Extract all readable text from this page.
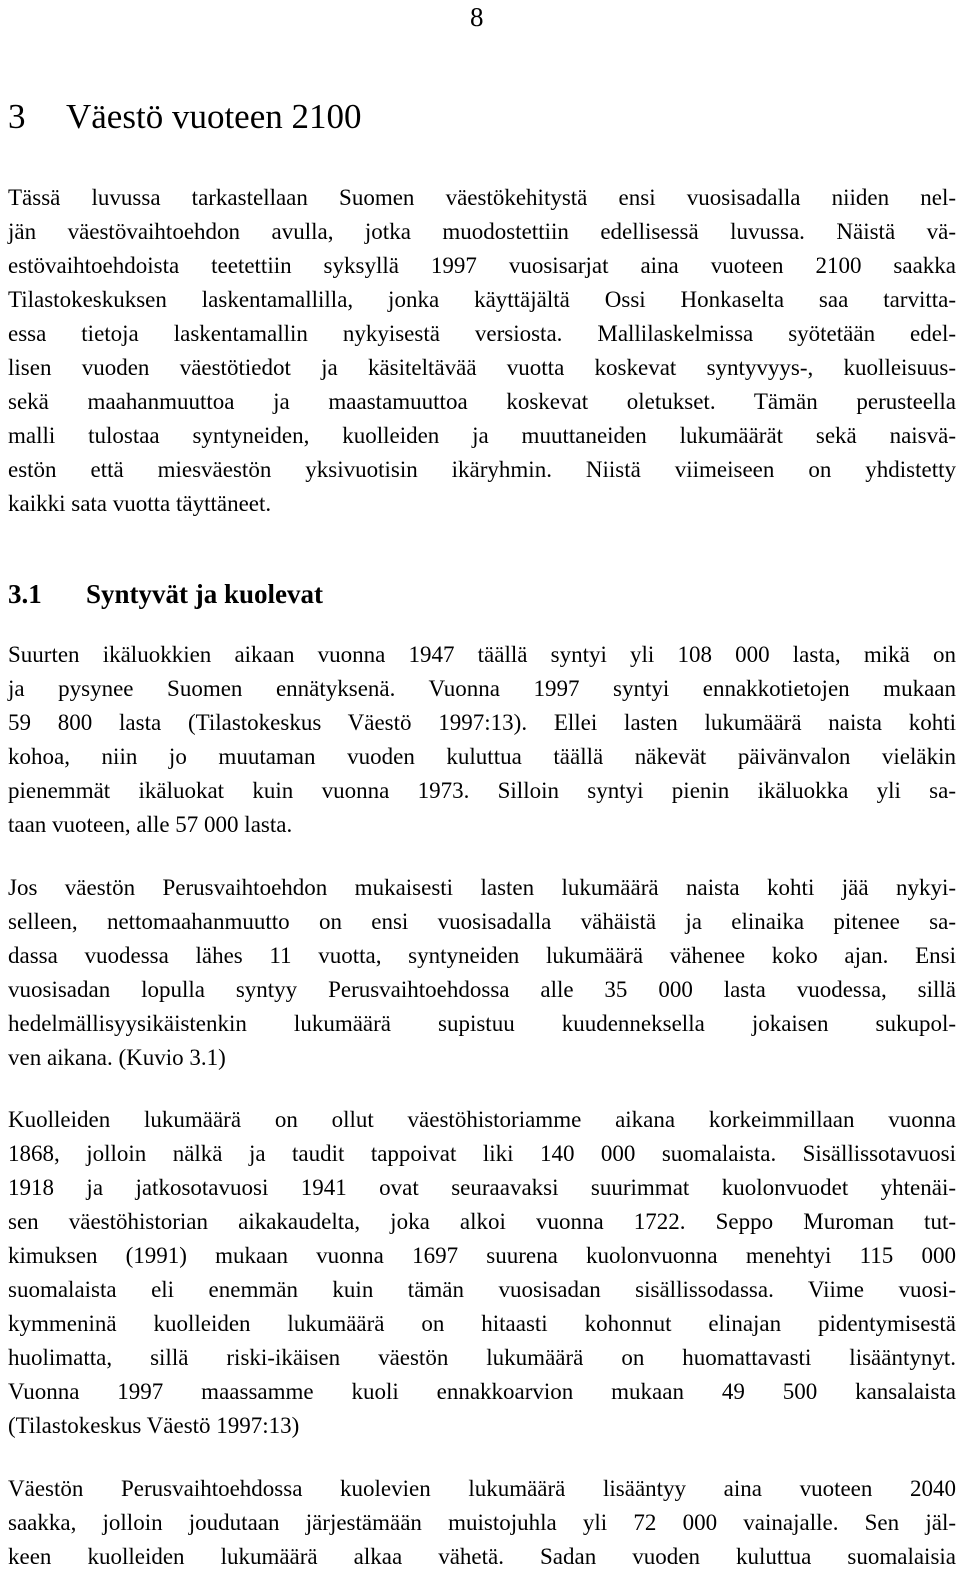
8
3 Väestö vuoteen 2100
Tässä luvussa tarkastellaan Suomen väestökehitystä ensi vuosisadalla niiden nel-
jän väestövaihtoehdon avulla, jotka muodostettiin edellisessä luvussa. Näistä vä-
estövaihtoehdoista teetettiin syksyllä 1997 vuosisarjat aina vuoteen 2100 saakka
Tilastokeskuksen laskentamallilla, jonka käyttäjältä Ossi Honkaselta saa tarvitta-
essa tietoja laskentamallin nykyisestä versiosta. Mallilaskelmissa syötetään edel-
lisen vuoden väestötiedot ja käsiteltävää vuotta koskevat syntyvyys-, kuolleisuus-
sekä maahanmuuttoa ja maastamuuttoa koskevat oletukset. Tämän perusteella
malli tulostaa syntyneiden, kuolleiden ja muuttaneiden lukumäärät sekä naisvä-
estön että miesväestön yksivuotisin ikäryhmin. Niistä viimeiseen on yhdistetty
kaikki sata vuotta täyttäneet.
3.1 Syntyvät ja kuolevat
Suurten ikäluokkien aikaan vuonna 1947 täällä syntyi yli 108 000 lasta, mikä on
ja pysynee Suomen ennätyksenä. Vuonna 1997 syntyi ennakkotietojen mukaan
59 800 lasta (Tilastokeskus Väestö 1997:13). Ellei lasten lukumäärä naista kohti
kohoa, niin jo muutaman vuoden kuluttua täällä näkevät päivänvalon vieläkin
pienemmät ikäluokat kuin vuonna 1973. Silloin syntyi pienin ikäluokka yli sa-
taan vuoteen, alle 57 000 lasta.
Jos väestön Perusvaihtoehdon mukaisesti lasten lukumäärä naista kohti jää nykyi-
selleen, nettomaahanmuutto on ensi vuosisadalla vähäistä ja elinaika pitenee sa-
dassa vuodessa lähes 11 vuotta, syntyneiden lukumäärä vähenee koko ajan. Ensi
vuosisadan lopulla syntyy Perusvaihtoehdossa alle 35 000 lasta vuodessa, sillä
hedelmällisyysikäistenkin lukumäärä supistuu kuudenneksella jokaisen sukupol-
ven aikana. (Kuvio 3.1)
Kuolleiden lukumäärä on ollut väestöhistoriamme aikana korkeimmillaan vuonna
1868, jolloin nälkä ja taudit tappoivat liki 140 000 suomalaista. Sisällissotavuosi
1918 ja jatkosotavuosi 1941 ovat seuraavaksi suurimmat kuolonvuodet yhtenäi-
sen väestöhistorian aikakaudelta, joka alkoi vuonna 1722. Seppo Muroman tut-
kimuksen (1991) mukaan vuonna 1697 suurena kuolonvuonna menehtyi 115 000
suomalaista eli enemmän kuin tämän vuosisadan sisällissodassa. Viime vuosi-
kymmeninä kuolleiden lukumäärä on hitaasti kohonnut elinajan pidentymisestä
huolimatta, sillä riski-ikäisen väestön lukumäärä on huomattavasti lisääntynyt.
Vuonna 1997 maassamme kuoli ennakkoarvion mukaan 49 500 kansalaista
(Tilastokeskus Väestö 1997:13)
Väestön Perusvaihtoehdossa kuolevien lukumäärä lisääntyy aina vuoteen 2040
saakka, jolloin joudutaan järjestämään muistojuhla yli 72 000 vainajalle. Sen jäl-
keen kuolleiden lukumäärä alkaa vähetä. Sadan vuoden kuluttua suomalaisia
